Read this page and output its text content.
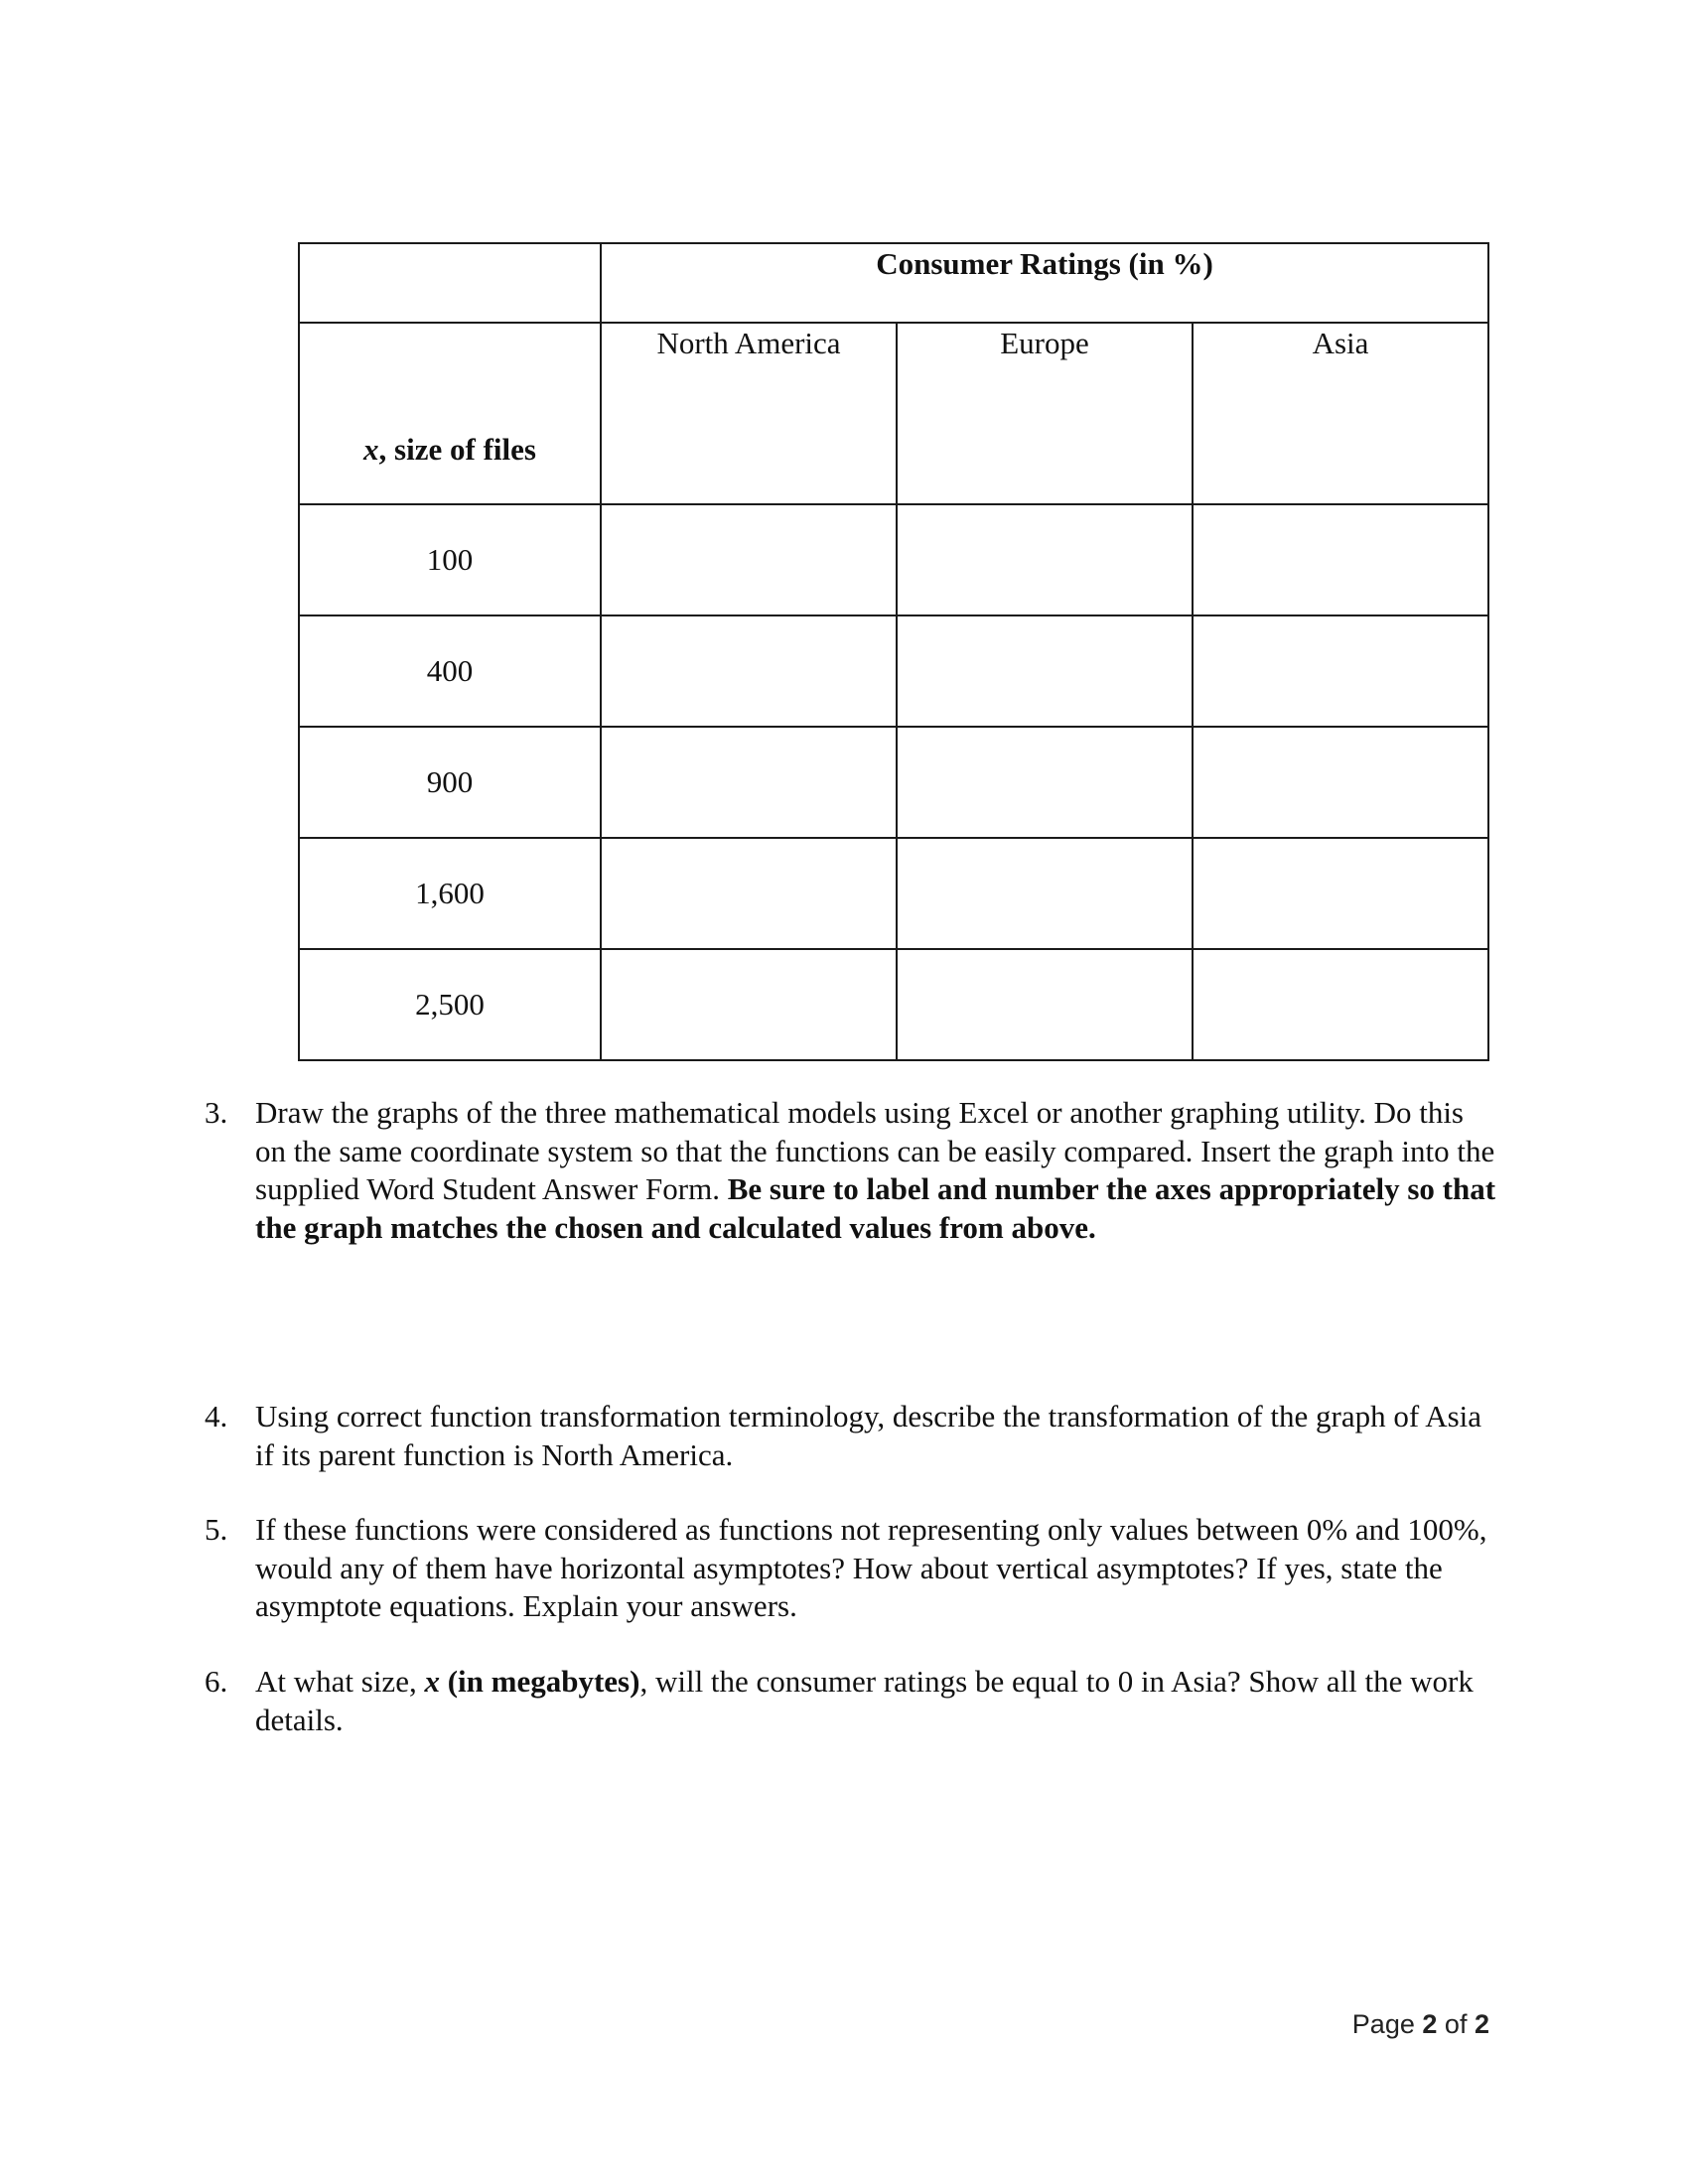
	Consumer Ratings (in %)		
x, size of files	North America	Europe	Asia
100			
400			
900			
1,600			
2,500			
3. Draw the graphs of the three mathematical models using Excel or another graphing utility. Do this on the same coordinate system so that the functions can be easily compared. Insert the graph into the supplied Word Student Answer Form. Be sure to label and number the axes appropriately so that the graph matches the chosen and calculated values from above.
4. Using correct function transformation terminology, describe the transformation of the graph of Asia if its parent function is North America.
5. If these functions were considered as functions not representing only values between 0% and 100%, would any of them have horizontal asymptotes? How about vertical asymptotes? If yes, state the asymptote equations. Explain your answers.
6. At what size, x (in megabytes), will the consumer ratings be equal to 0 in Asia? Show all the work details.
Page 2 of 2
